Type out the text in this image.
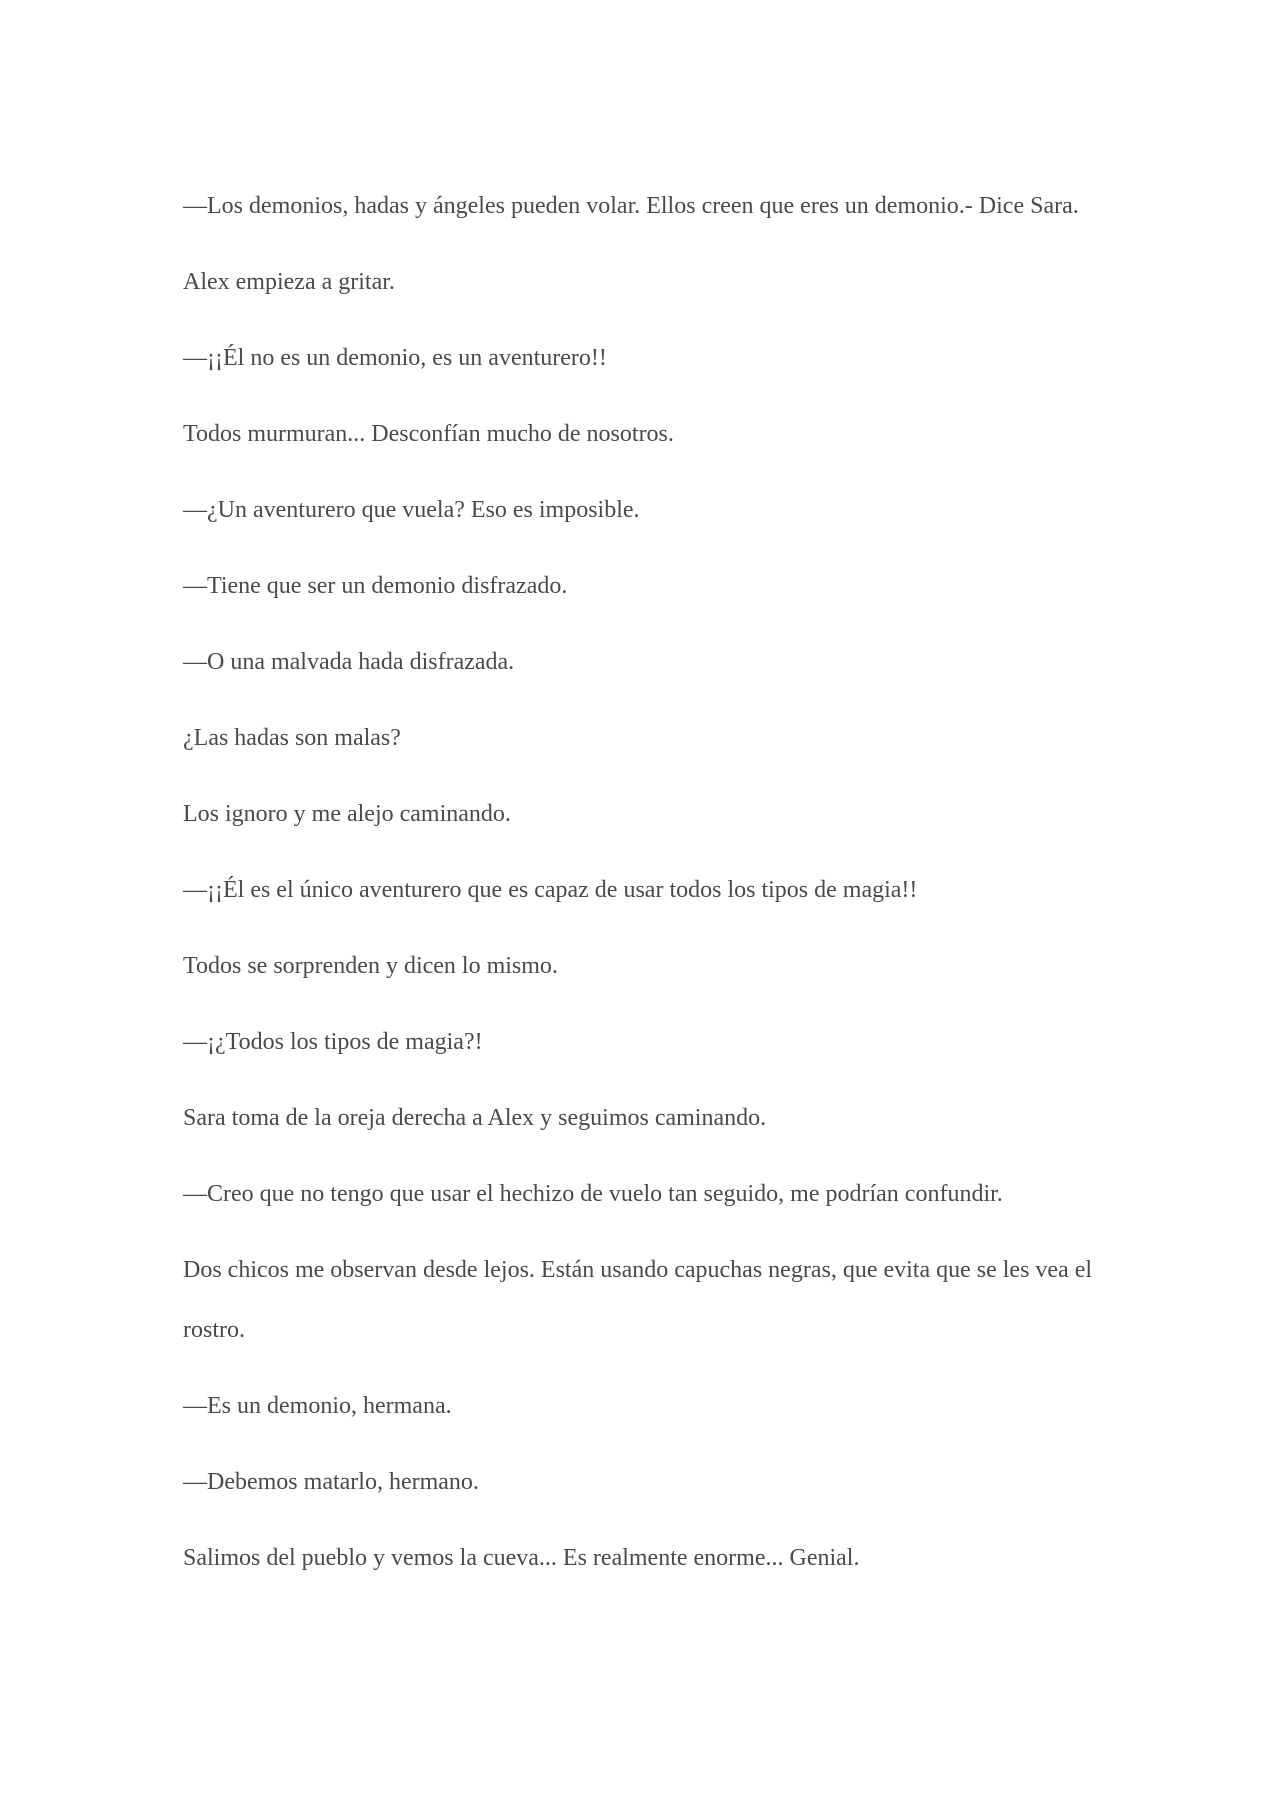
—Los demonios, hadas y ángeles pueden volar. Ellos creen que eres un demonio.- Dice Sara.

Alex empieza a gritar.

—¡¡Él no es un demonio, es un aventurero!!

Todos murmuran... Desconfían mucho de nosotros.

—¿Un aventurero que vuela? Eso es imposible.

—Tiene que ser un demonio disfrazado.

—O una malvada hada disfrazada.

¿Las hadas son malas?

Los ignoro y me alejo caminando.

—¡¡Él es el único aventurero que es capaz de usar todos los tipos de magia!!

Todos se sorprenden y dicen lo mismo.

—¡¿Todos los tipos de magia?!

Sara toma de la oreja derecha a Alex y seguimos caminando.

—Creo que no tengo que usar el hechizo de vuelo tan seguido, me podrían confundir.

Dos chicos me observan desde lejos. Están usando capuchas negras, que evita que se les vea el rostro.

—Es un demonio, hermana.

—Debemos matarlo, hermano.

Salimos del pueblo y vemos la cueva... Es realmente enorme... Genial.
